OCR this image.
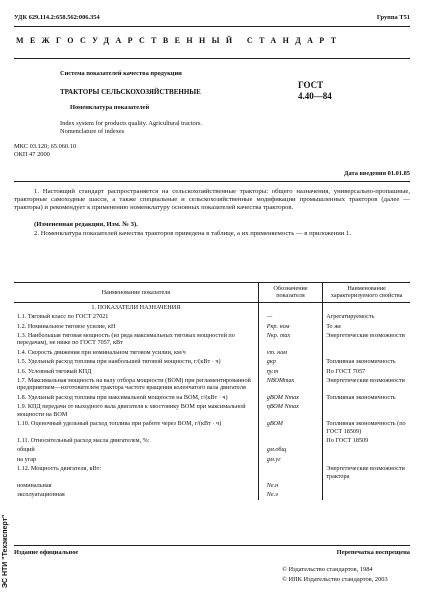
УДК 629.114.2:658.562:006.354	Группа Т51
МЕЖГОСУДАРСТВЕННЫЙ СТАНДАРТ
Система показателей качества продукции
ТРАКТОРЫ СЕЛЬСКОХОЗЯЙСТВЕННЫЕ
Номенклатура показателей
ГОСТ
4.40—84
Index system for products quality. Agricultural tractors.
Nomenclature of indexes
МКС 03.120; 65.060.10
ОКП 47 2000
Дата введения 01.01.85
1. Настоящий стандарт распространяется на сельскохозяйственные тракторы: общего назначения, универсально-пропашные, тракторные самоходные шасси, а также специальные и сельскохозяйственные модификации промышленных тракторов (далее — тракторы) и рекомендует к применению номенклатуру основных показателей качества тракторов.
(Измененная редакция, Изм. № 3).
2. Номенклатура показателей качества тракторов приведена в таблице, а их применяемость — в приложении 1.
Наименование показателя	Обозначение показателя	Наименование характеризуемого свойства
1. ПОКАЗАТЕЛИ НАЗНАЧЕНИЯ		
1.1. Тяговый класс по ГОСТ 27021	—	Агрегатируемость
1.2. Номинальное тяговое усилие, кН	Pкр. ном	То же
1.3. Наибольшая тяговая мощность (из ряда максимальных тяговых мощностей по передачам), не ниже по ГОСТ 7057, кВт	Nкр. max	Энергетические возможности
1.4. Скорость движения при номинальном тяговом усилии, км/ч	vт. ном	
1.5. Удельный расход топлива при наибольшей тяговой мощности, г/(кВт · ч)	gкр	Топливная экономичность
1.6. Условный тяговый КПД	ηу.т	По ГОСТ 7057
1.7. Максимальная мощность на валу отбора мощности (ВОМ) при регламентированной предприятием—изготовителем трактора частоте вращения коленчатого вала двигателя	NВОМmax	Энергетические возможности
1.8. Удельный расход топлива при максимальной мощности на ВОМ, г/(кВт · ч)	gВОМ Nmax	Топливная экономичность
1.9. КПД передачи от выходного вала двигателя к хвостовику ВОМ при максимальной мощности на ВОМ	ηВОМ Nmax	
1.10. Оценочный удельный расход топлива при работе через ВОМ, г/(кВт · ч)	gВОМ	Топливная экономичность (по ГОСТ 18509)
1.11. Относительный расход масла двигателем, %:		По ГОСТ 18509
общий	gм.общ	
на угар	gм.уг	
1.12. Мощность двигателя, кВт:		Энергетические возможности трактора
номинальная	Nе.н	
эксплуатационная	Nе.э	
Издание официальное	Перепечатка воспрещена
© Издательство стандартов, 1984
© ИПК Издательство стандартов, 2003
ЭС НТИ "Техэксперт"
